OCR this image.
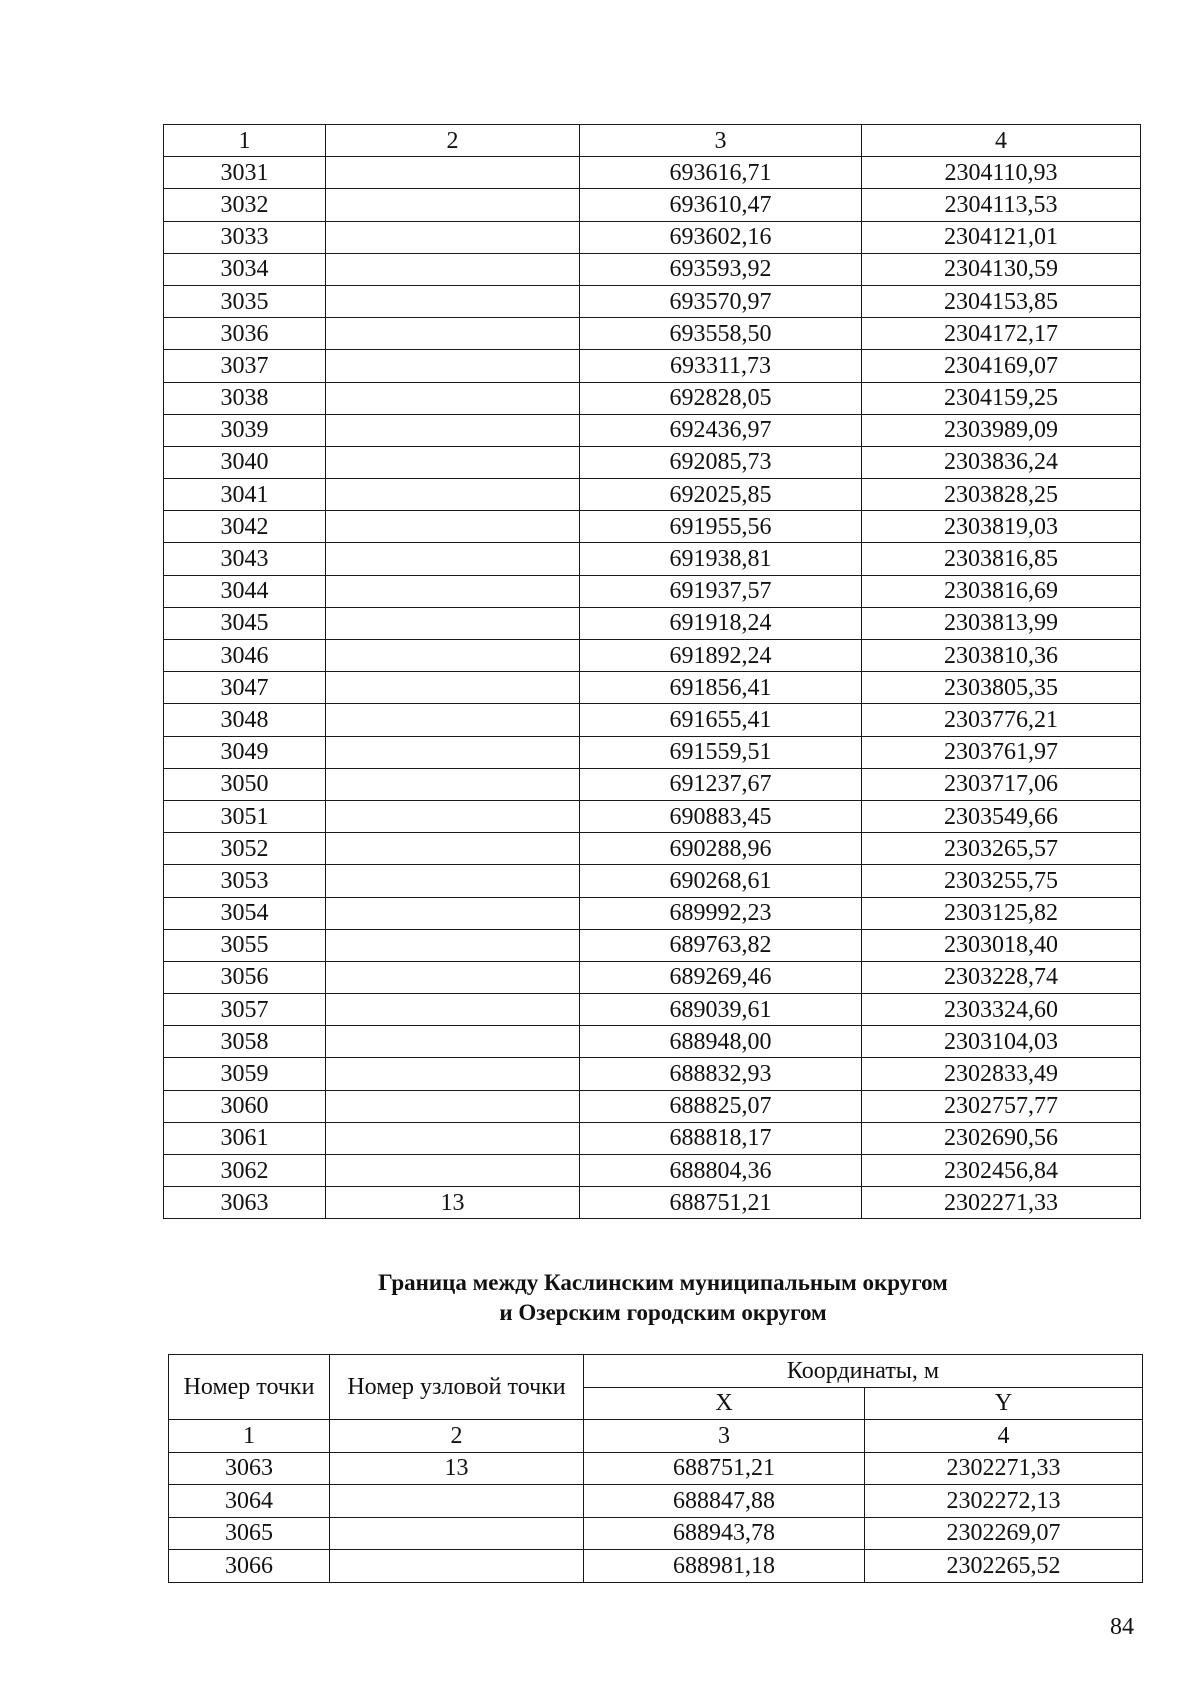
1	2	3	4
3031		693616,71	2304110,93
3032		693610,47	2304113,53
3033		693602,16	2304121,01
3034		693593,92	2304130,59
3035		693570,97	2304153,85
3036		693558,50	2304172,17
3037		693311,73	2304169,07
3038		692828,05	2304159,25
3039		692436,97	2303989,09
3040		692085,73	2303836,24
3041		692025,85	2303828,25
3042		691955,56	2303819,03
3043		691938,81	2303816,85
3044		691937,57	2303816,69
3045		691918,24	2303813,99
3046		691892,24	2303810,36
3047		691856,41	2303805,35
3048		691655,41	2303776,21
3049		691559,51	2303761,97
3050		691237,67	2303717,06
3051		690883,45	2303549,66
3052		690288,96	2303265,57
3053		690268,61	2303255,75
3054		689992,23	2303125,82
3055		689763,82	2303018,40
3056		689269,46	2303228,74
3057		689039,61	2303324,60
3058		688948,00	2303104,03
3059		688832,93	2302833,49
3060		688825,07	2302757,77
3061		688818,17	2302690,56
3062		688804,36	2302456,84
3063	13	688751,21	2302271,33
Граница между Каслинским муниципальным округом
и Озерским городским округом
Номер точки	Номер узловой точки	Координаты, м	
		X	Y
1	2	3	4
3063	13	688751,21	2302271,33
3064		688847,88	2302272,13
3065		688943,78	2302269,07
3066		688981,18	2302265,52
84
